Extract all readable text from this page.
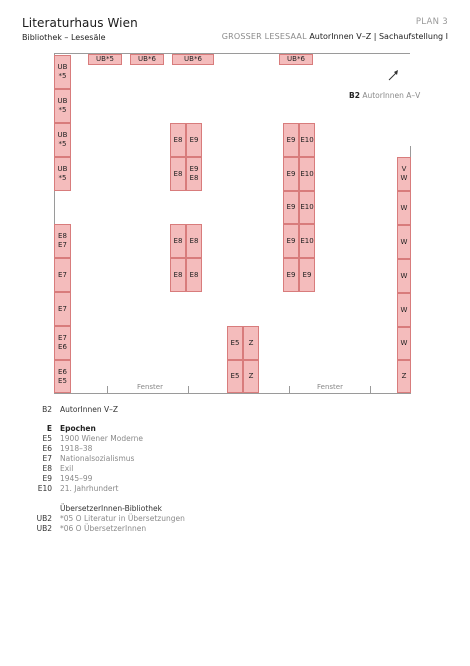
Literaturhaus Wien
Bibliothek – Lesesäle
PLAN 3
GROSSER LESESAAL AutorInnen V–Z | Sachaufstellung I
Fenster	Fenster
B2 AutorInnen A–V
UB
*5
UB
*5
UB
*5
UB
*5
UB*5	UB*6	UB*6	UB*6
E8
E7
E7
E7
E7
E6
E6
E5
E8	E9
E8
E9
E8
E8	E8
E8	E8
E9 E10
E9 E10
E9 E10
E9 E10
E9	E9
E5	Z
E5	Z
V
W
W
W
W
W
W
Z
B2 AutorInnen V–Z
E Epochen
E5 1900 Wiener Moderne
E6 1918–38
E7 Nationalsozialismus
E8 Exil
E9 1945–99
E10 21. Jahrhundert
ÜbersetzerInnen-Bibliothek
UB2 *05 O Literatur in Übersetzungen
UB2 *06 O ÜbersetzerInnen
